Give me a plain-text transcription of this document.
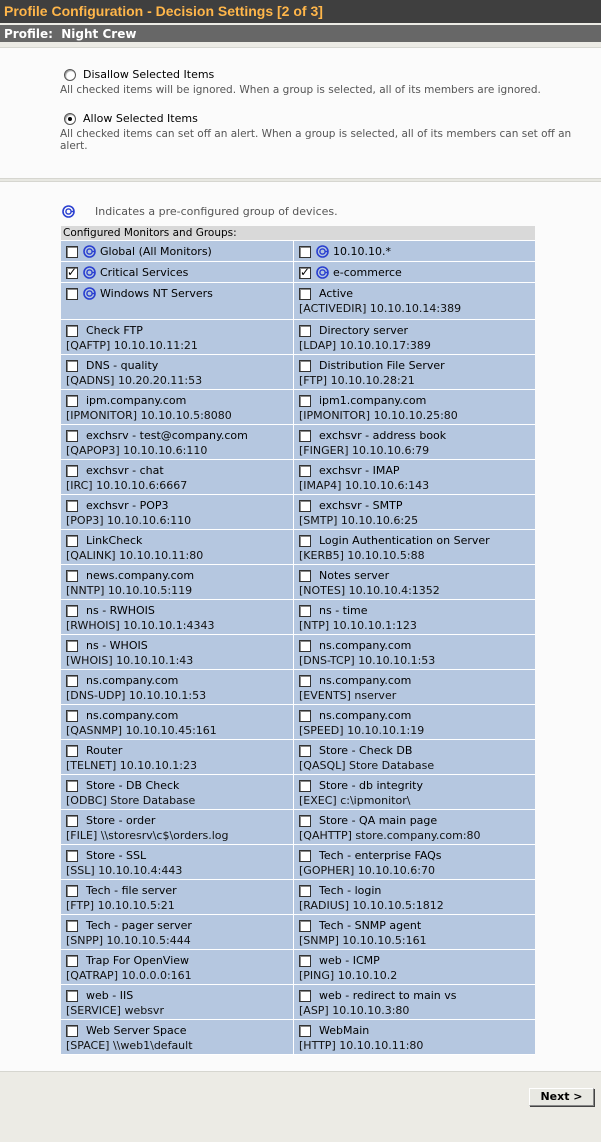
Profile Configuration - Decision Settings [2 of 3]
Profile: Night Crew
Disallow Selected Items
All checked items will be ignored. When a group is selected, all of its members are ignored.
Allow Selected Items
All checked items can set off an alert. When a group is selected, all of its members can set off an alert.
Indicates a pre-configured group of devices.
Configured Monitors and Groups:
Global (All Monitors)	10.10.10.*
✓
Critical Services
✓	e-commerce
Windows NT Servers	Active
[ACTIVEDIR] 10.10.10.14:389
Check FTP
[QAFTP] 10.10.10.11:21
Directory server
[LDAP] 10.10.10.17:389
DNS - quality
[QADNS] 10.20.20.11:53
Distribution File Server
[FTP] 10.10.10.28:21
ipm.company.com
[IPMONITOR] 10.10.10.5:8080
ipm1.company.com
[IPMONITOR] 10.10.10.25:80
exchsrv - test@company.com
[QAPOP3] 10.10.10.6:110
exchsvr - address book
[FINGER] 10.10.10.6:79
exchsvr - chat
[IRC] 10.10.10.6:6667
exchsvr - IMAP
[IMAP4] 10.10.10.6:143
exchsvr - POP3
[POP3] 10.10.10.6:110
exchsvr - SMTP
[SMTP] 10.10.10.6:25
LinkCheck
[QALINK] 10.10.10.11:80
Login Authentication on Server
[KERB5] 10.10.10.5:88
news.company.com
[NNTP] 10.10.10.5:119
Notes server
[NOTES] 10.10.10.4:1352
ns - RWHOIS
[RWHOIS] 10.10.10.1:4343
ns - time
[NTP] 10.10.10.1:123
ns - WHOIS
[WHOIS] 10.10.10.1:43
ns.company.com
[DNS-TCP] 10.10.10.1:53
ns.company.com
[DNS-UDP] 10.10.10.1:53
ns.company.com
[EVENTS] nserver
ns.company.com
[QASNMP] 10.10.10.45:161
ns.company.com
[SPEED] 10.10.10.1:19
Router
[TELNET] 10.10.10.1:23
Store - Check DB
[QASQL] Store Database
Store - DB Check
[ODBC] Store Database
Store - db integrity
[EXEC] c:\ipmonitor\
Store - order
[FILE] \\storesrv\c$\orders.log
Store - QA main page
[QAHTTP] store.company.com:80
Store - SSL
[SSL] 10.10.10.4:443
Tech - enterprise FAQs
[GOPHER] 10.10.10.6:70
Tech - file server
[FTP] 10.10.10.5:21
Tech - login
[RADIUS] 10.10.10.5:1812
Tech - pager server
[SNPP] 10.10.10.5:444
Tech - SNMP agent
[SNMP] 10.10.10.5:161
Trap For OpenView
[QATRAP] 10.0.0.0:161
web - ICMP
[PING] 10.10.10.2
web - IIS
[SERVICE] websvr
web - redirect to main vs
[ASP] 10.10.10.3:80
Web Server Space
[SPACE] \\web1\default
WebMain
[HTTP] 10.10.10.11:80
Next >
